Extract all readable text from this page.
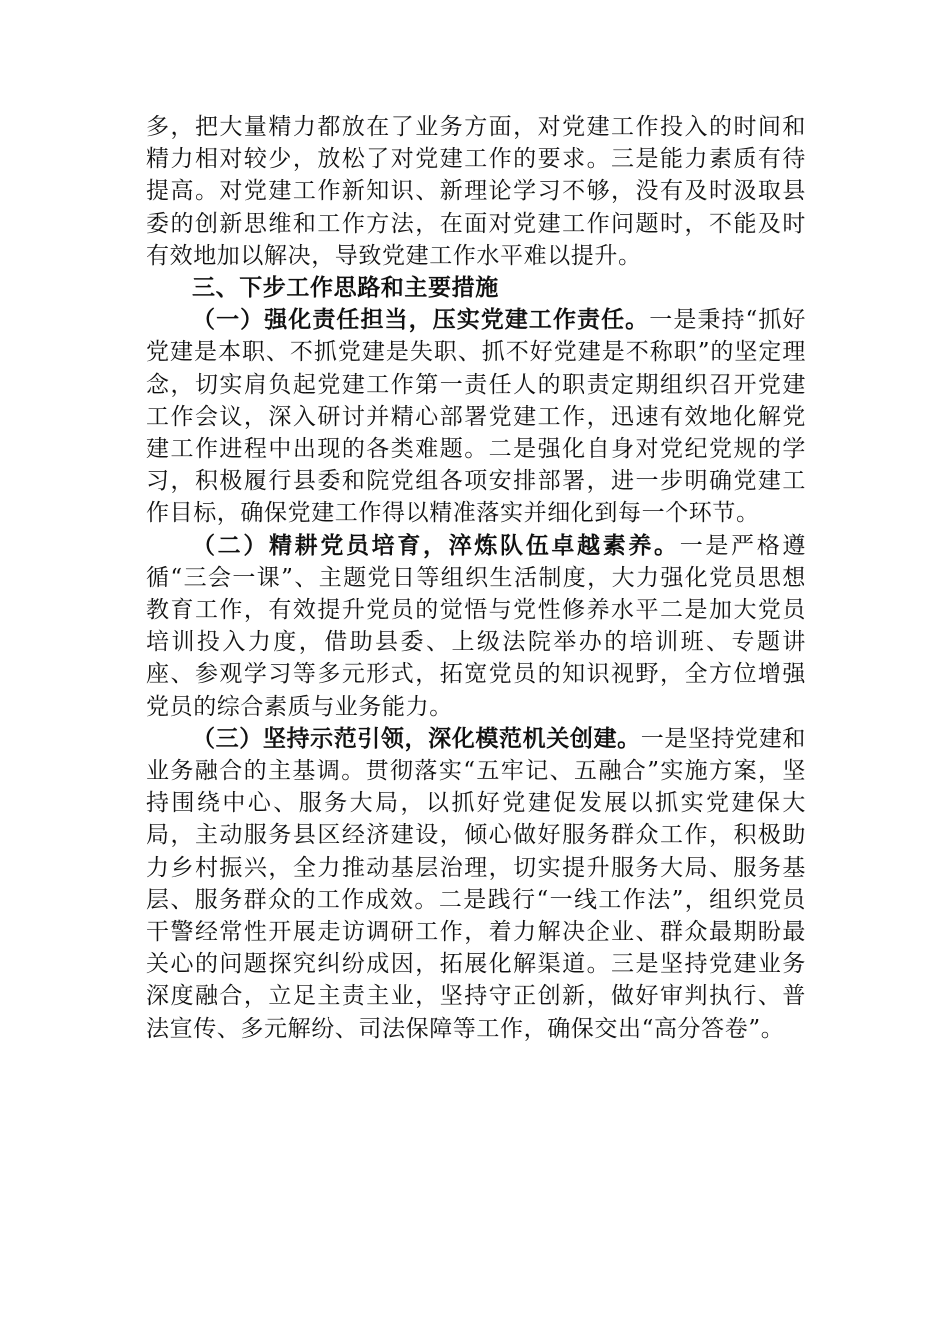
多，把大量精力都放在了业务方面，对党建工作投入的时间和精力相对较少，放松了对党建工作的要求。三是能力素质有待提高。对党建工作新知识、新理论学习不够，没有及时汲取县委的创新思维和工作方法，在面对党建工作问题时，不能及时有效地加以解决，导致党建工作水平难以提升。

三、下步工作思路和主要措施

（一）强化责任担当，压实党建工作责任。一是秉持“抓好党建是本职、不抓党建是失职、抓不好党建是不称职”的坚定理念，切实肩负起党建工作第一责任人的职责定期组织召开党建工作会议，深入研讨并精心部署党建工作，迅速有效地化解党建工作进程中出现的各类难题。二是强化自身对党纪党规的学习，积极履行县委和院党组各项安排部署，进一步明确党建工作目标，确保党建工作得以精准落实并细化到每一个环节。

（二）精耕党员培育，淬炼队伍卓越素养。一是严格遵循“三会一课”、主题党日等组织生活制度，大力强化党员思想教育工作，有效提升党员的觉悟与党性修养水平二是加大党员培训投入力度，借助县委、上级法院举办的培训班、专题讲座、参观学习等多元形式，拓宽党员的知识视野，全方位增强党员的综合素质与业务能力。

（三）坚持示范引领，深化模范机关创建。一是坚持党建和业务融合的主基调。贯彻落实“五牢记、五融合”实施方案，坚持围绕中心、服务大局，以抓好党建促发展以抓实党建保大局，主动服务县区经济建设，倾心做好服务群众工作，积极助力乡村振兴，全力推动基层治理，切实提升服务大局、服务基层、服务群众的工作成效。二是践行“一线工作法”，组织党员干警经常性开展走访调研工作，着力解决企业、群众最期盼最关心的问题探究纠纷成因，拓展化解渠道。三是坚持党建业务深度融合，立足主责主业，坚持守正创新，做好审判执行、普法宣传、多元解纷、司法保障等工作，确保交出“高分答卷”。
